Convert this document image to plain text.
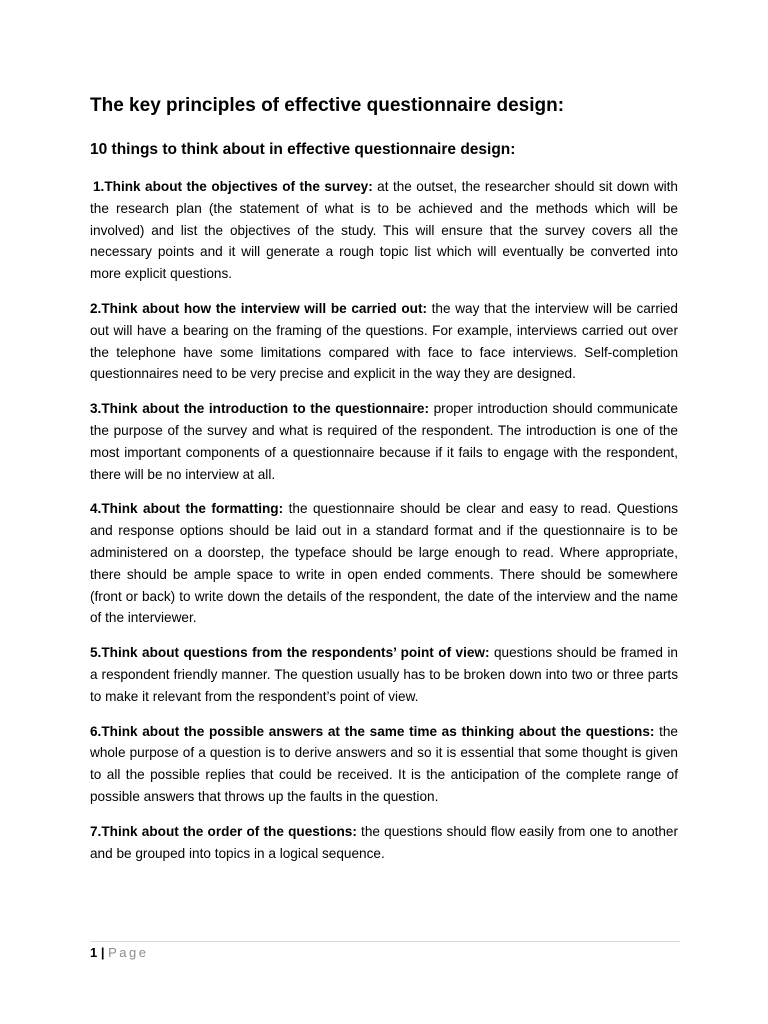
The key principles of effective questionnaire design:
10 things to think about in effective questionnaire design:

1.Think about the objectives of the survey: at the outset, the researcher should sit down with the research plan (the statement of what is to be achieved and the methods which will be involved) and list the objectives of the study. This will ensure that the survey covers all the necessary points and it will generate a rough topic list which will eventually be converted into more explicit questions.

2.Think about how the interview will be carried out: the way that the interview will be carried out will have a bearing on the framing of the questions. For example, interviews carried out over the telephone have some limitations compared with face to face interviews. Self-completion questionnaires need to be very precise and explicit in the way they are designed.

3.Think about the introduction to the questionnaire: proper introduction should communicate the purpose of the survey and what is required of the respondent. The introduction is one of the most important components of a questionnaire because if it fails to engage with the respondent, there will be no interview at all.

4.Think about the formatting: the questionnaire should be clear and easy to read. Questions and response options should be laid out in a standard format and if the questionnaire is to be administered on a doorstep, the typeface should be large enough to read. Where appropriate, there should be ample space to write in open ended comments. There should be somewhere (front or back) to write down the details of the respondent, the date of the interview and the name of the interviewer.

5.Think about questions from the respondents’ point of view: questions should be framed in a respondent friendly manner. The question usually has to be broken down into two or three parts to make it relevant from the respondent’s point of view.

6.Think about the possible answers at the same time as thinking about the questions: the whole purpose of a question is to derive answers and so it is essential that some thought is given to all the possible replies that could be received. It is the anticipation of the complete range of possible answers that throws up the faults in the question.

7.Think about the order of the questions: the questions should flow easily from one to another and be grouped into topics in a logical sequence.

1 | Page
